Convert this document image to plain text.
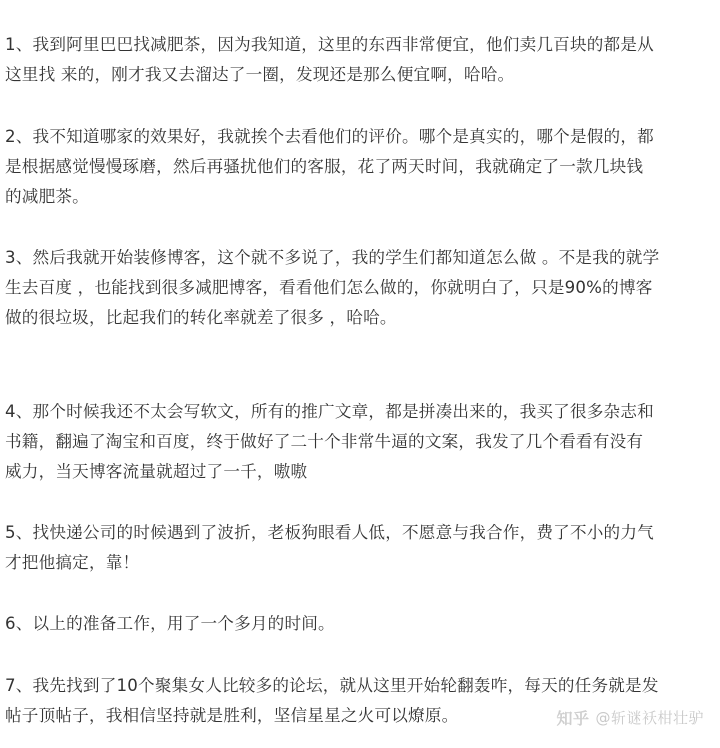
1、我到阿里巴巴找减肥茶，因为我知道，这里的东西非常便宜，他们卖几百块的都是从
这里找 来的，刚才我又去溜达了一圈，发现还是那么便宜啊，哈哈。

2、我不知道哪家的效果好，我就挨个去看他们的评价。哪个是真实的，哪个是假的，都
是根据感觉慢慢琢磨，然后再骚扰他们的客服，花了两天时间，我就确定了一款几块钱
的减肥茶。

3、然后我就开始装修博客，这个就不多说了，我的学生们都知道怎么做 。不是我的就学
生去百度 ，也能找到很多减肥博客，看看他们怎么做的，你就明白了，只是90%的博客
做的很垃圾，比起我们的转化率就差了很多 ，哈哈。

4、那个时候我还不太会写软文，所有的推广文章，都是拼凑出来的，我买了很多杂志和
书籍，翻遍了淘宝和百度，终于做好了二十个非常牛逼的文案，我发了几个看看有没有
威力，当天博客流量就超过了一千，嗷嗷

5、找快递公司的时候遇到了波折，老板狗眼看人低，不愿意与我合作，费了不小的力气
才把他搞定，靠！

6、以上的准备工作，用了一个多月的时间。

7、我先找到了10个聚集女人比较多的论坛，就从这里开始轮翻轰咋，每天的任务就是发
帖子顶帖子，我相信坚持就是胜利，坚信星星之火可以燎原。	知乎 @斩谜袄柑壮驴
